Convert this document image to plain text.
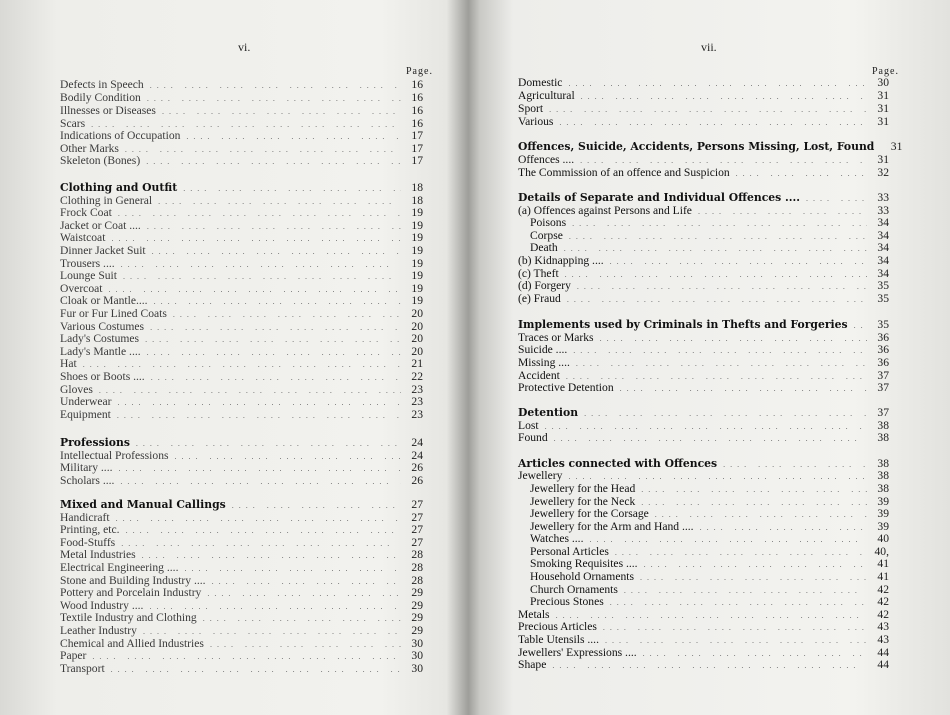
vi.
Page.
Defects in Speech ....	16
Bodily Condition ....	16
Illnesses or Diseases ....	16
Scars ....	16
Indications of Occupation ....	17
Other Marks ....	17
Skeleton (Bones) ....	17
Clothing and Outfit ....	18
Clothing in General ....	18
Frock Coat ....	19
Jacket or Coat .... ....	19
Waistcoat ....	19
Dinner Jacket Suit ....	19
Trousers .... ....	19
Lounge Suit ....	19
Overcoat ....	19
Cloak or Mantle.... ....	19
Fur or Fur Lined Coats ....	20
Various Costumes ....	20
Lady's Costumes ....	20
Lady's Mantle .... ....	20
Hat ....	21
Shoes or Boots .... ....	22
Gloves ....	23
Underwear ....	23
Equipment ....	23
Professions ....	24
Intellectual Professions ....	24
Military .... ....	26
Scholars .... ....	26
Mixed and Manual Callings ....	27
Handicraft ....	27
Printing, etc. ....	27
Food-Stuffs ....	27
Metal Industries ....	28
Electrical Engineering .... ....	28
Stone and Building Industry .... ....	28
Pottery and Porcelain Industry ....	29
Wood Industry .... ....	29
Textile Industry and Clothing ....	29
Leather Industry ....	29
Chemical and Allied Industries ....	30
Paper ....	30
Transport ....	30
vii.
Page.
Domestic ....	30
Agricultural ....	31
Sport ....	31
Various ....	31
Offences, Suicide, Accidents, Persons Missing, Lost, Found ....	31
Offences .... ....	31
The Commission of an offence and Suspicion ....	32
Details of Separate and Individual Offences .... ....	33
(a) Offences against Persons and Life ....	33
Poisons ....	34
Corpse ....	34
Death ....	34
(b) Kidnapping .... ....	34
(c) Theft ....	34
(d) Forgery ....	35
(e) Fraud ....	35
Implements used by Criminals in Thefts and Forgeries ....	35
Traces or Marks ....	36
Suicide .... ....	36
Missing .... ....	36
Accident ....	37
Protective Detention ....	37
Detention ....	37
Lost ....	38
Found ....	38
Articles connected with Offences ....	38
Jewellery ....	38
Jewellery for the Head ....	38
Jewellery for the Neck ....	39
Jewellery for the Corsage ....	39
Jewellery for the Arm and Hand .... ....	39
Watches .... ....	40
Personal Articles ....	40,
Smoking Requisites .... ....	41
Household Ornaments ....	41
Church Ornaments ....	42
Precious Stones ....	42
Metals ....	42
Precious Articles ....	43
Table Utensils .... ....	43
Jewellers' Expressions .... ....	44
Shape ....	44
